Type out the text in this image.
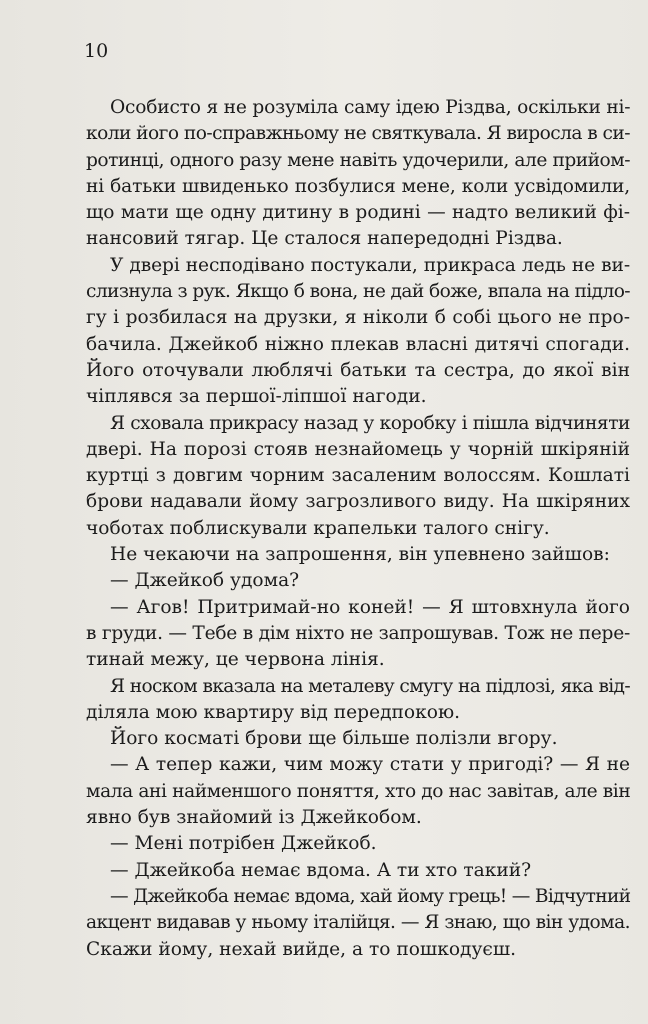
10
Особисто я не розуміла саму ідею Різдва, оскільки ні-
коли його по-справжньому не святкувала. Я виросла в си-
ротинці, одного разу мене навіть удочерили, але прийом-
ні батьки швиденько позбулися мене, коли усвідомили,
що мати ще одну дитину в родині — надто великий фі-
нансовий тягар. Це сталося напередодні Різдва.
У двері несподівано постукали, прикраса ледь не ви-
слизнула з рук. Якщо б вона, не дай боже, впала на підло-
гу і розбилася на друзки, я ніколи б собі цього не про-
бачила. Джейкоб ніжно плекав власні дитячі спогади.
Його оточували люблячі батьки та сестра, до якої він
чіплявся за першої-ліпшої нагоди.
Я сховала прикрасу назад у коробку і пішла відчиняти
двері. На порозі стояв незнайомець у чорній шкіряній
куртці з довгим чорним засаленим волоссям. Кошлаті
брови надавали йому загрозливого виду. На шкіряних
чоботах поблискували крапельки талого снігу.
Не чекаючи на запрошення, він упевнено зайшов:
— Джейкоб удома?
— Агов! Притримай-но коней! — Я штовхнула його
в груди. — Тебе в дім ніхто не запрошував. Тож не пере-
тинай межу, це червона лінія.
Я носком вказала на металеву смугу на підлозі, яка від-
діляла мою квартиру від передпокою.
Його косматі брови ще більше полізли вгору.
— А тепер кажи, чим можу стати у пригоді? — Я не
мала ані найменшого поняття, хто до нас завітав, але він
явно був знайомий із Джейкобом.
— Мені потрібен Джейкоб.
— Джейкоба немає вдома. А ти хто такий?
— Джейкоба немає вдома, хай йому грець! — Відчутний
акцент видавав у ньому італійця. — Я знаю, що він удома.
Скажи йому, нехай вийде, а то пошкодуєш.
